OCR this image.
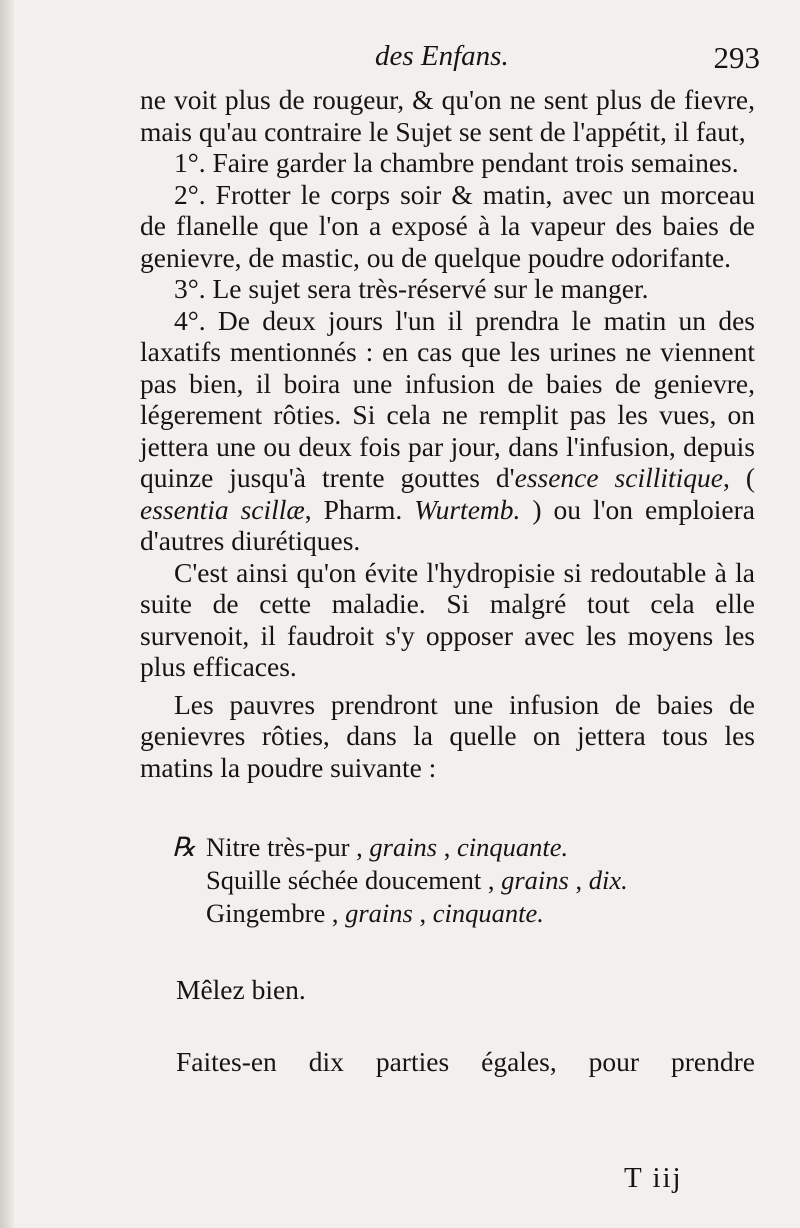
des Enfans.	293

ne voit plus de rougeur, & qu'on ne sent plus de fievre, mais qu'au contraire le Sujet se sent de l'appétit, il faut,

1°. Faire garder la chambre pendant trois semaines.

2°. Frotter le corps soir & matin, avec un morceau de flanelle que l'on a exposé à la vapeur des baies de genievre, de mastic, ou de quelque poudre odorifante.

3°. Le sujet sera très-réservé sur le manger.

4°. De deux jours l'un il prendra le matin un des laxatifs mentionnés : en cas que les urines ne viennent pas bien, il boira une infusion de baies de genievre, légerement rôties. Si cela ne remplit pas les vues, on jettera une ou deux fois par jour, dans l'infusion, depuis quinze jusqu'à trente gouttes d'essence scillitique, ( essentia scillæ, Pharm. Wurtemb. ) ou l'on emploiera d'autres diurétiques.

C'est ainsi qu'on évite l'hydropisie si redoutable à la suite de cette maladie. Si malgré tout cela elle survenoit, il faudroit s'y opposer avec les moyens les plus efficaces.

Les pauvres prendront une infusion de baies de genievres rôties, dans la quelle on jettera tous les matins la poudre suivante :

℞ Nitre très-pur , grains , cinquante.
Squille séchée doucement , grains , dix.
Gingembre , grains , cinquante.

Mêlez bien.

Faites-en dix parties égales, pour prendre

T iij
